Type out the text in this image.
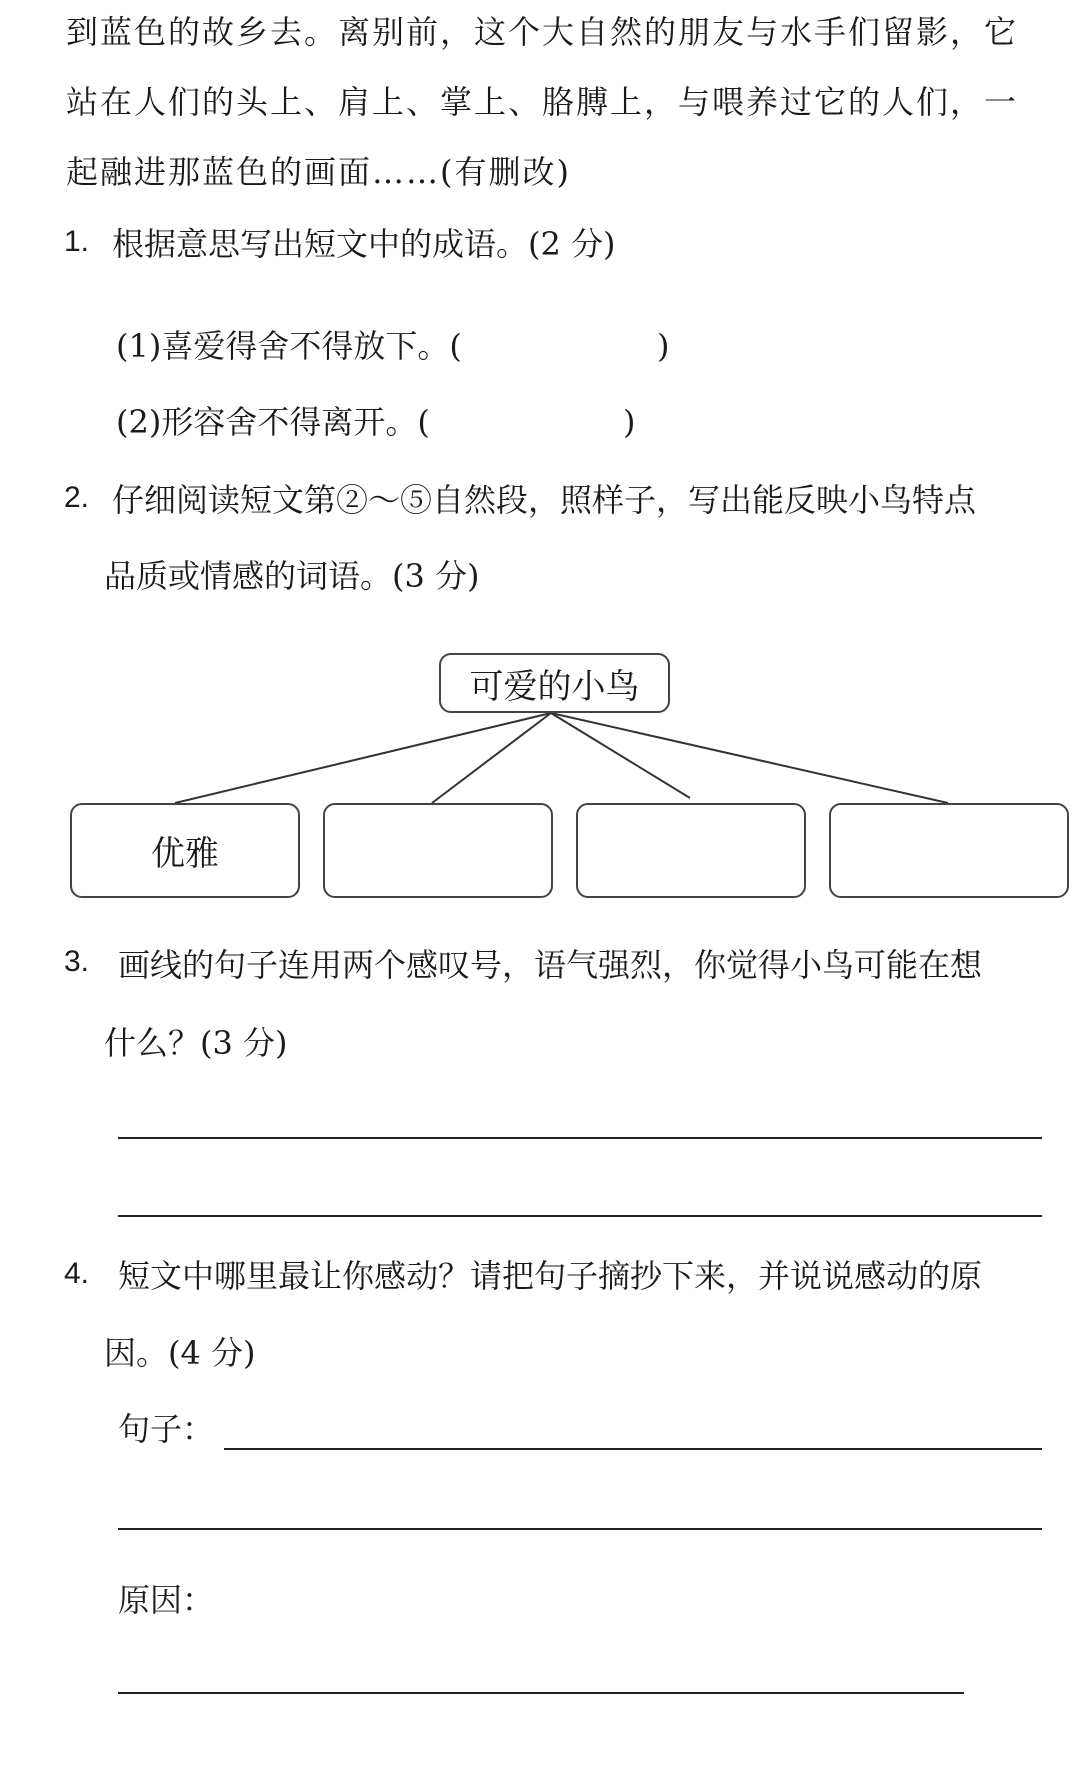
到蓝色的故乡去。离别前，这个大自然的朋友与水手们留影，它
站在人们的头上、肩上、掌上、胳膊上，与喂养过它的人们，一
起融进那蓝色的画面……(有删改)
1. 根据意思写出短文中的成语。(2 分)
(1)喜爱得舍不得放下。(	)
(2)形容舍不得离开。(	)
2. 仔细阅读短文第②～⑤自然段，照样子，写出能反映小鸟特点
品质或情感的词语。(3 分)
可爱的小鸟
优雅
3. 画线的句子连用两个感叹号，语气强烈，你觉得小鸟可能在想
什么？(3 分)
4. 短文中哪里最让你感动？请把句子摘抄下来，并说说感动的原
因。(4 分)
句子：
原因：
